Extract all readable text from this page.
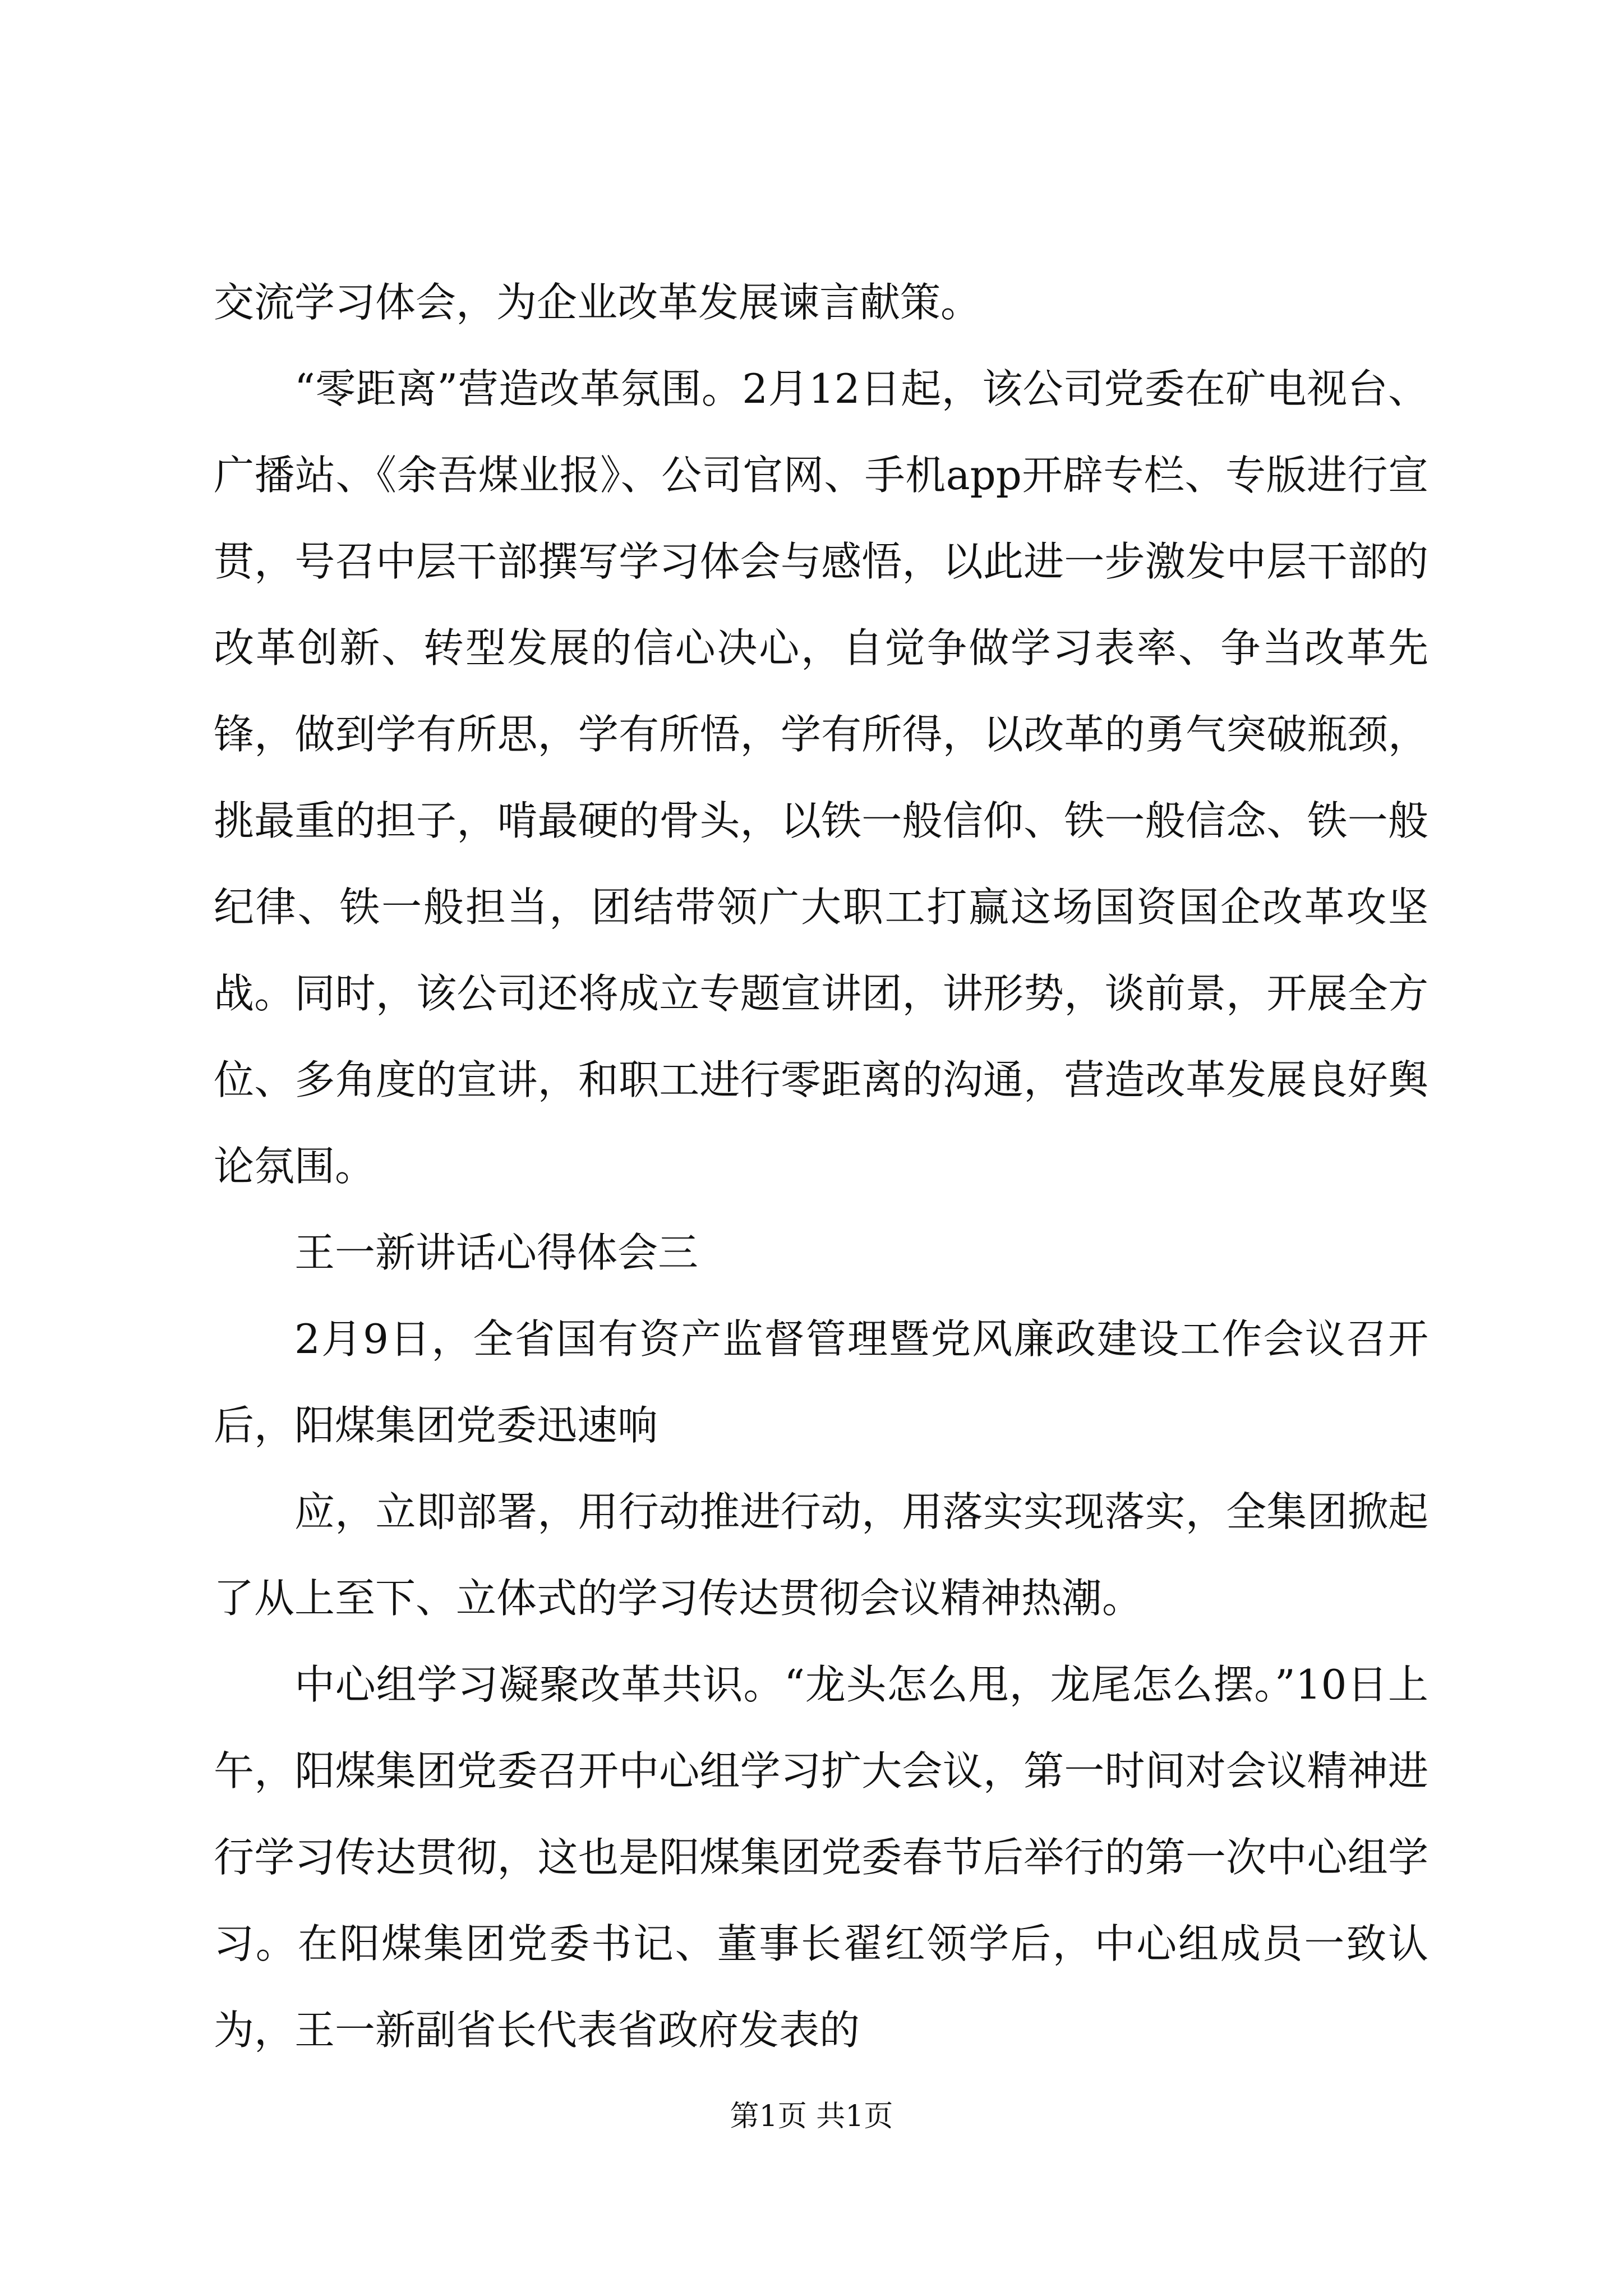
交流学习体会，为企业改革发展谏言献策。

“零距离”营造改革氛围。2月12日起，该公司党委在矿电视台、广播站、《余吾煤业报》、公司官网、手机app开辟专栏、专版进行宣贯，号召中层干部撰写学习体会与感悟，以此进一步激发中层干部的改革创新、转型发展的信心决心，自觉争做学习表率、争当改革先锋，做到学有所思，学有所悟，学有所得，以改革的勇气突破瓶颈，挑最重的担子，啃最硬的骨头，以铁一般信仰、铁一般信念、铁一般纪律、铁一般担当，团结带领广大职工打赢这场国资国企改革攻坚战。同时，该公司还将成立专题宣讲团，讲形势，谈前景，开展全方位、多角度的宣讲，和职工进行零距离的沟通，营造改革发展良好舆论氛围。

王一新讲话心得体会三

2月9日，全省国有资产监督管理暨党风廉政建设工作会议召开后，阳煤集团党委迅速响

应，立即部署，用行动推进行动，用落实实现落实，全集团掀起了从上至下、立体式的学习传达贯彻会议精神热潮。

中心组学习凝聚改革共识。“龙头怎么甩，龙尾怎么摆。”10日上午，阳煤集团党委召开中心组学习扩大会议，第一时间对会议精神进行学习传达贯彻，这也是阳煤集团党委春节后举行的第一次中心组学习。在阳煤集团党委书记、董事长翟红领学后，中心组成员一致认为，王一新副省长代表省政府发表的

第1页 共1页
